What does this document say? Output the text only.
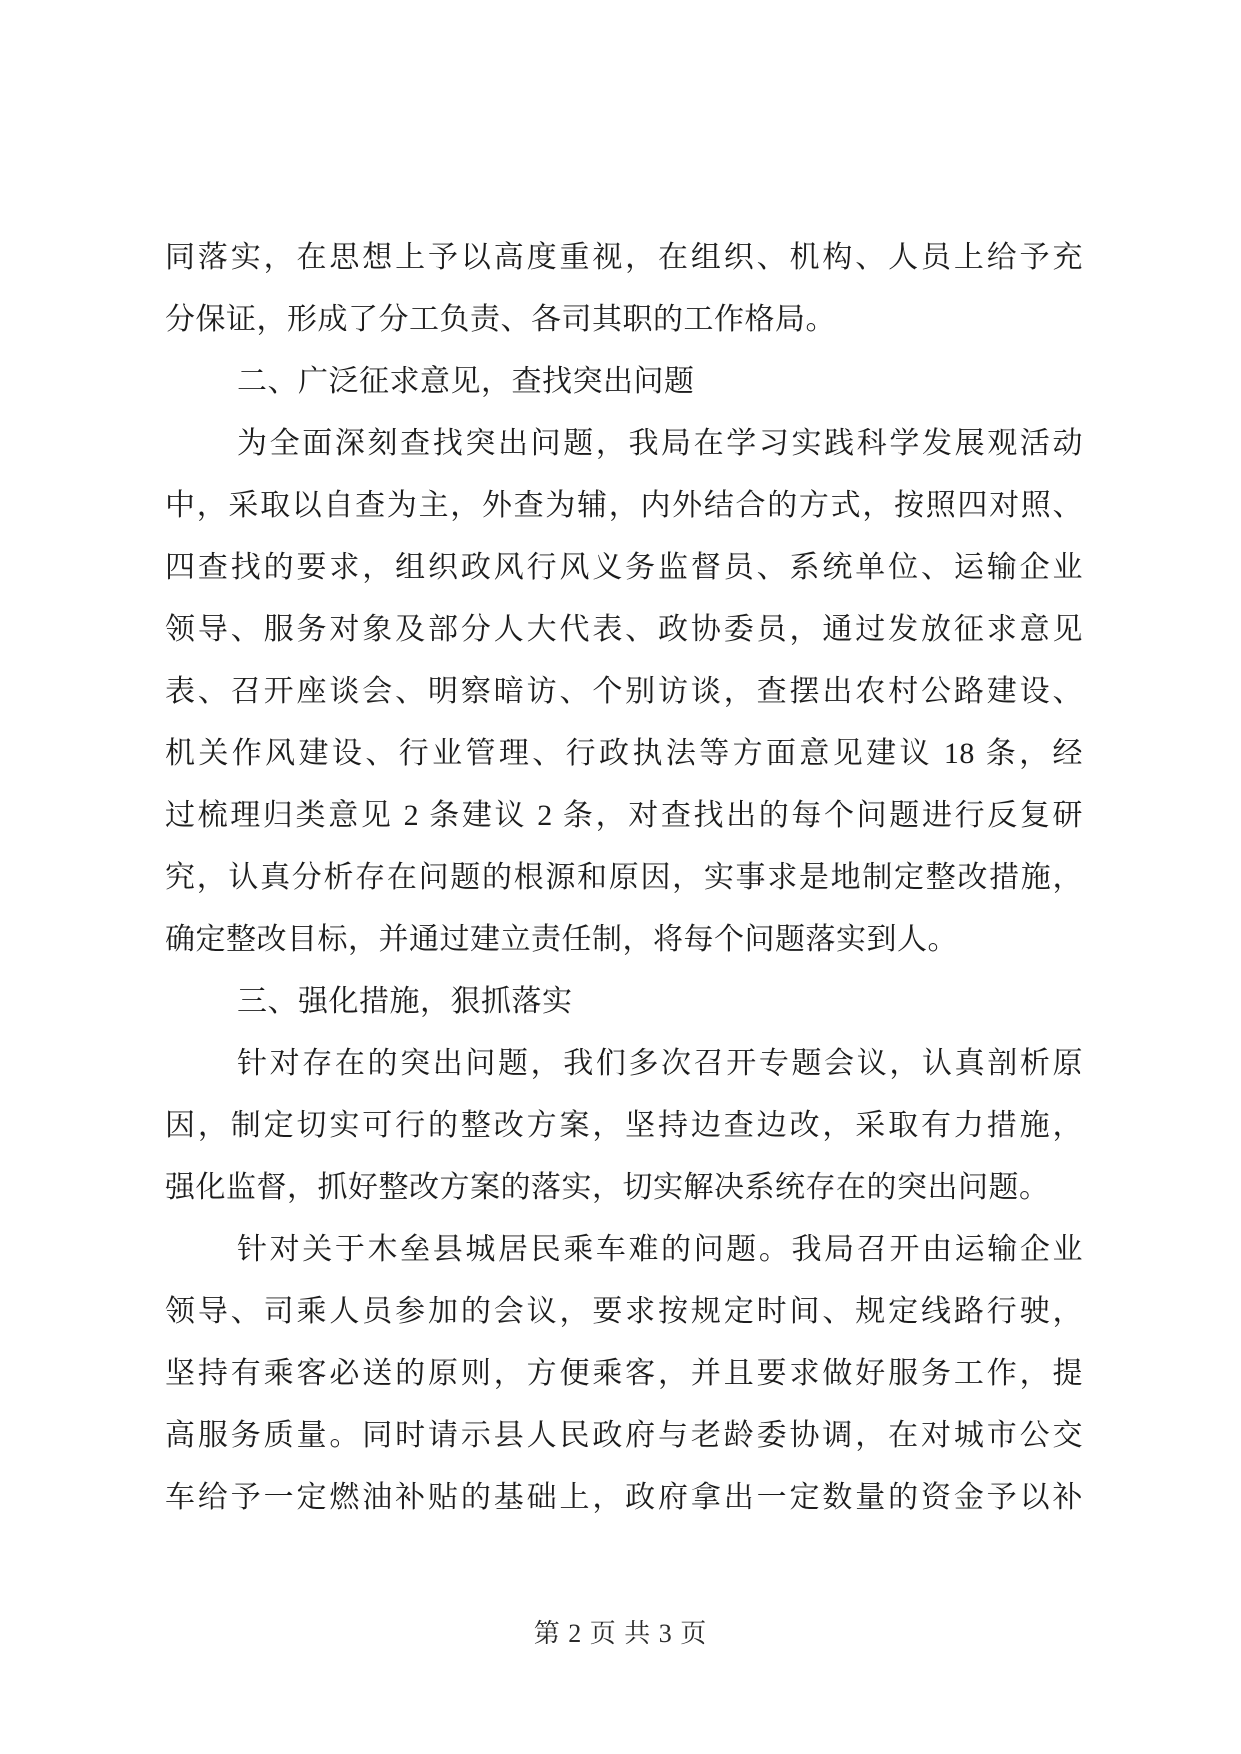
同落实，在思想上予以高度重视，在组织、机构、人员上给予充
分保证，形成了分工负责、各司其职的工作格局。
二、广泛征求意见，查找突出问题
为全面深刻查找突出问题，我局在学习实践科学发展观活动
中，采取以自查为主，外查为辅，内外结合的方式，按照四对照、
四查找的要求，组织政风行风义务监督员、系统单位、运输企业
领导、服务对象及部分人大代表、政协委员，通过发放征求意见
表、召开座谈会、明察暗访、个别访谈，查摆出农村公路建设、
机关作风建设、行业管理、行政执法等方面意见建议 18 条，经
过梳理归类意见 2 条建议 2 条，对查找出的每个问题进行反复研
究，认真分析存在问题的根源和原因，实事求是地制定整改措施，
确定整改目标，并通过建立责任制，将每个问题落实到人。
三、强化措施，狠抓落实
针对存在的突出问题，我们多次召开专题会议，认真剖析原
因，制定切实可行的整改方案，坚持边查边改，采取有力措施，
强化监督，抓好整改方案的落实，切实解决系统存在的突出问题。
针对关于木垒县城居民乘车难的问题。我局召开由运输企业
领导、司乘人员参加的会议，要求按规定时间、规定线路行驶，
坚持有乘客必送的原则，方便乘客，并且要求做好服务工作，提
高服务质量。同时请示县人民政府与老龄委协调，在对城市公交
车给予一定燃油补贴的基础上，政府拿出一定数量的资金予以补
第 2 页 共 3 页
